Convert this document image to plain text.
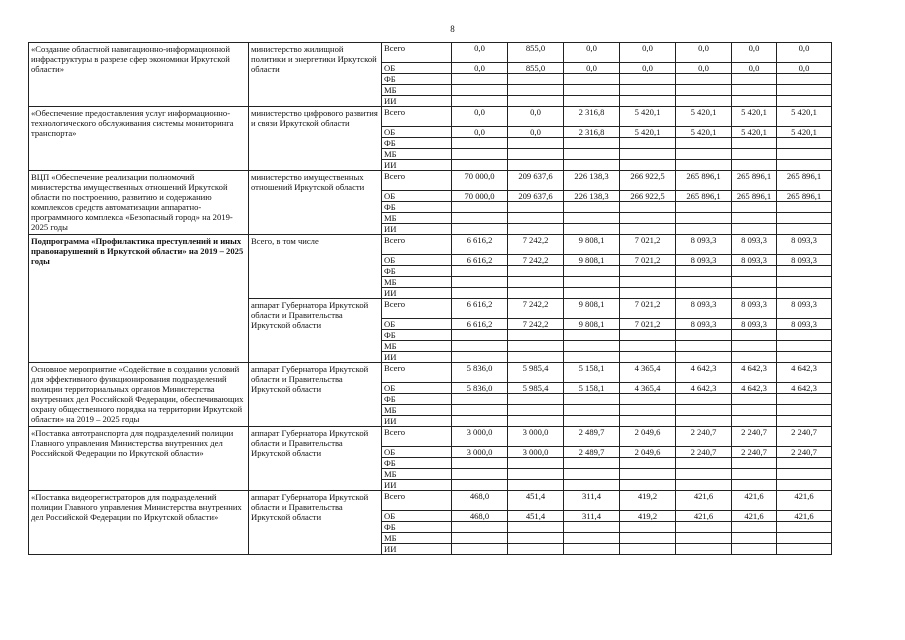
8
«Создание областной навигационно-информационной инфраструктуры в разрезе сфер экономики Иркутской области»	министерство жилищной политики и энергетики Иркутской области	Всего	0,0	855,0	0,0	0,0	0,0	0,0	0,0
		ОБ	0,0	855,0	0,0	0,0	0,0	0,0	0,0
		ФБ							
		МБ							
		ИИ							
«Обеспечение предоставления услуг информационно-технологического обслуживания системы мониторинга транспорта»	министерство цифрового развития и связи Иркутской области	Всего	0,0	0,0	2 316,8	5 420,1	5 420,1	5 420,1	5 420,1
		ОБ	0,0	0,0	2 316,8	5 420,1	5 420,1	5 420,1	5 420,1
		ФБ							
		МБ							
		ИИ							
ВЦП «Обеспечение реализации полномочий министерства имущественных отношений Иркутской области по построению, развитию и содержанию комплексов средств автоматизации аппаратно-программного комплекса «Безопасный город» на 2019-2025 годы	министерство имущественных отношений Иркутской области	Всего	70 000,0	209 637,6	226 138,3	266 922,5	265 896,1	265 896,1	265 896,1
		ОБ	70 000,0	209 637,6	226 138,3	266 922,5	265 896,1	265 896,1	265 896,1
		ФБ							
		МБ							
		ИИ							
Подпрограмма «Профилактика преступлений и иных правонарушений в Иркутской области» на 2019 – 2025 годы	Всего, в том числе	Всего	6 616,2	7 242,2	9 808,1	7 021,2	8 093,3	8 093,3	8 093,3
		ОБ	6 616,2	7 242,2	9 808,1	7 021,2	8 093,3	8 093,3	8 093,3
		ФБ							
		МБ							
		ИИ							
	аппарат Губернатора Иркутской области и Правительства Иркутской области	Всего	6 616,2	7 242,2	9 808,1	7 021,2	8 093,3	8 093,3	8 093,3
		ОБ	6 616,2	7 242,2	9 808,1	7 021,2	8 093,3	8 093,3	8 093,3
		ФБ							
		МБ							
		ИИ							
Основное мероприятие «Содействие в создании условий для эффективного функционирования подразделений полиции территориальных органов Министерства внутренних дел Российской Федерации, обеспечивающих охрану общественного порядка на территории Иркутской области» на 2019 – 2025 годы	аппарат Губернатора Иркутской области и Правительства Иркутской области	Всего	5 836,0	5 985,4	5 158,1	4 365,4	4 642,3	4 642,3	4 642,3
		ОБ	5 836,0	5 985,4	5 158,1	4 365,4	4 642,3	4 642,3	4 642,3
		ФБ							
		МБ							
		ИИ							
«Поставка автотранспорта для подразделений полиции Главного управления Министерства внутренних дел Российской Федерации по Иркутской области»	аппарат Губернатора Иркутской области и Правительства Иркутской области	Всего	3 000,0	3 000,0	2 489,7	2 049,6	2 240,7	2 240,7	2 240,7
		ОБ	3 000,0	3 000,0	2 489,7	2 049,6	2 240,7	2 240,7	2 240,7
		ФБ							
		МБ							
		ИИ							
«Поставка видеорегистраторов для подразделений полиции Главного управления Министерства внутренних дел Российской Федерации по Иркутской области»	аппарат Губернатора Иркутской области и Правительства Иркутской области	Всего	468,0	451,4	311,4	419,2	421,6	421,6	421,6
		ОБ	468,0	451,4	311,4	419,2	421,6	421,6	421,6
		ФБ							
		МБ							
		ИИ							
